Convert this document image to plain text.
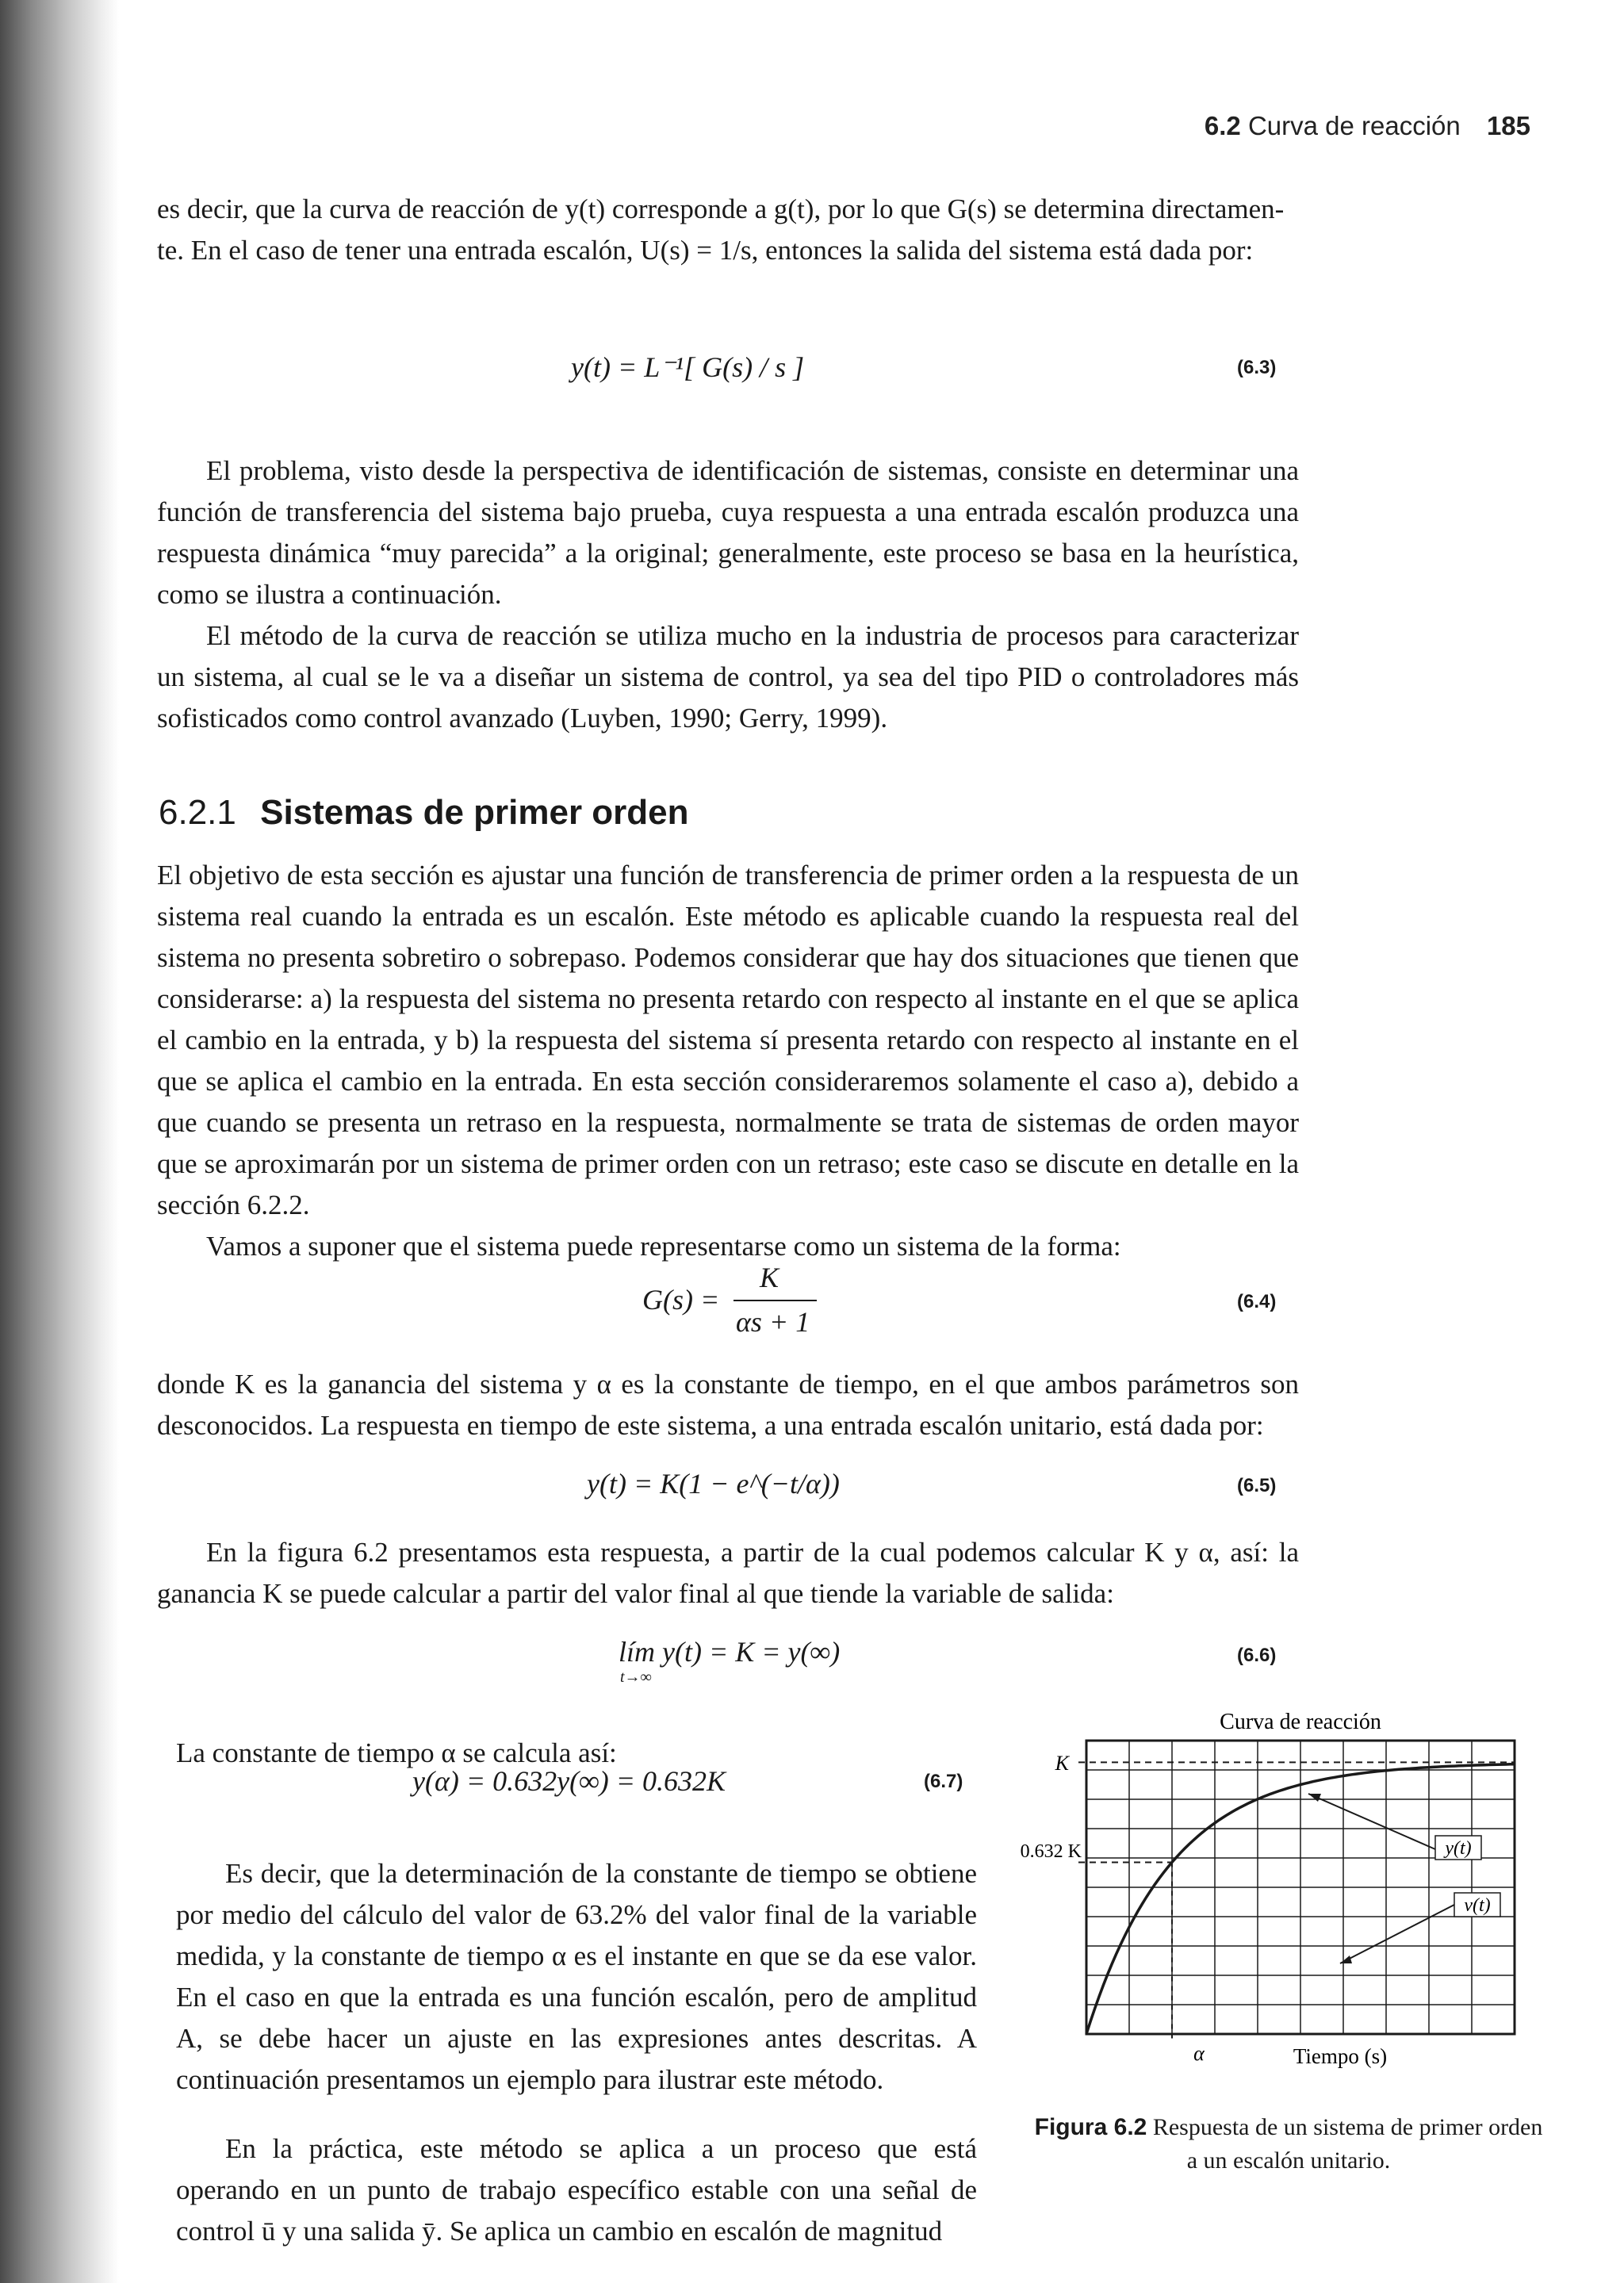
6.2 Curva de reacción 185

es decir, que la curva de reacción de y(t) corresponde a g(t), por lo que G(s) se determina directamen-

te. En el caso de tener una entrada escalón, U(s) = 1/s, entonces la salida del sistema está dada por:

y(t) = L⁻¹[ G(s) / s ]	(6.3)

El problema, visto desde la perspectiva de identificación de sistemas, consiste en determinar una función de transferencia del sistema bajo prueba, cuya respuesta a una entrada escalón produzca una respuesta dinámica “muy parecida” a la original; generalmente, este proceso se basa en la heurística, como se ilustra a continuación.

El método de la curva de reacción se utiliza mucho en la industria de procesos para caracterizar un sistema, al cual se le va a diseñar un sistema de control, ya sea del tipo PID o controladores más sofisticados como control avanzado (Luyben, 1990; Gerry, 1999).

6.2.1 Sistemas de primer orden

El objetivo de esta sección es ajustar una función de transferencia de primer orden a la respuesta de un sistema real cuando la entrada es un escalón. Este método es aplicable cuando la respuesta real del sistema no presenta sobretiro o sobrepaso. Podemos considerar que hay dos situaciones que tienen que considerarse: a) la respuesta del sistema no presenta retardo con respecto al instante en el que se aplica el cambio en la entrada, y b) la respuesta del sistema sí presenta retardo con respecto al instante en el que se aplica el cambio en la entrada. En esta sección consideraremos solamente el caso a), debido a que cuando se presenta un retraso en la respuesta, normalmente se trata de sistemas de orden mayor que se aproximarán por un sistema de primer orden con un retraso; este caso se discute en detalle en la sección 6.2.2.

Vamos a suponer que el sistema puede representarse como un sistema de la forma:

G(s) =
K
αs + 1
(6.4)

donde K es la ganancia del sistema y α es la constante de tiempo, en el que ambos parámetros son desconocidos. La respuesta en tiempo de este sistema, a una entrada escalón unitario, está dada por:

y(t) = K(1 − e^(−t/α))	(6.5)

En la figura 6.2 presentamos esta respuesta, a partir de la cual podemos calcular K y α, así: la ganancia K se puede calcular a partir del valor final al que tiende la variable de salida:

lím y(t) = K = y(∞)
t→∞
(6.6)

La constante de tiempo α se calcula así:

y(α) = 0.632y(∞) = 0.632K	(6.7)

Es decir, que la determinación de la constante de tiempo se obtiene por medio del cálculo del valor de 63.2% del valor final de la variable medida, y la constante de tiempo α es el instante en que se da ese valor. En el caso en que la entrada es una función escalón, pero de amplitud A, se debe hacer un ajuste en las expresiones antes descritas. A continuación presentamos un ejemplo para ilustrar este método.

En la práctica, este método se aplica a un proceso que está operando en un punto de trabajo específico estable con una señal de control ū y una salida ȳ. Se aplica un cambio en escalón de magnitud

Curva de reacción
K
0.632 K
α	Tiempo (s)
y(t)
v(t)
Figura 6.2 Respuesta de un sistema de primer orden a un escalón unitario.
